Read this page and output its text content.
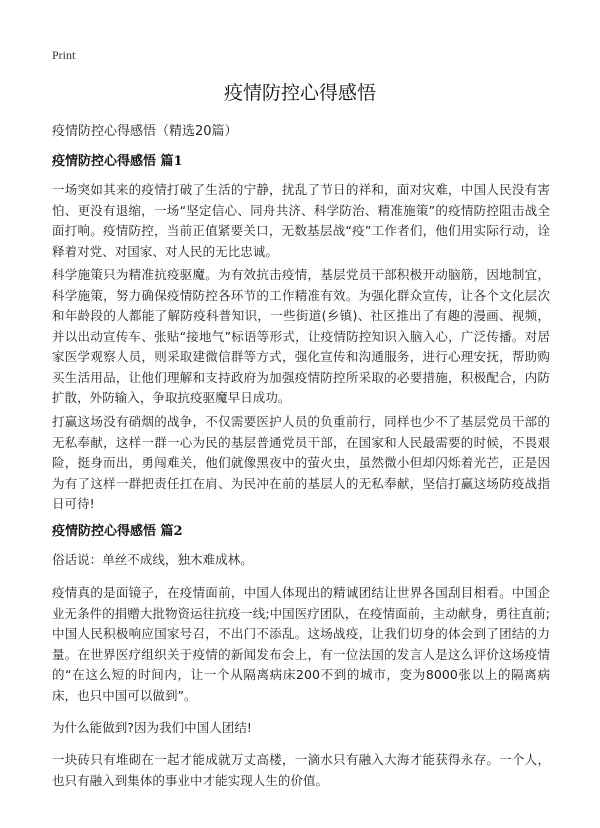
Print
疫情防控心得感悟

疫情防控心得感悟（精选20篇）

疫情防控心得感悟 篇1

一场突如其来的疫情打破了生活的宁静，扰乱了节日的祥和，面对灾难，中国人民没有害怕、更没有退缩，一场“坚定信心、同舟共济、科学防治、精准施策”的疫情防控阻击战全面打响。疫情防控，当前正值紧要关口，无数基层战“疫”工作者们，他们用实际行动，诠释着对党、对国家、对人民的无比忠诚。

科学施策只为精准抗疫驱魔。为有效抗击疫情，基层党员干部积极开动脑筋，因地制宜，科学施策，努力确保疫情防控各环节的工作精准有效。为强化群众宣传，让各个文化层次和年龄段的人都能了解防疫科普知识，一些街道(乡镇)、社区推出了有趣的漫画、视频，并以出动宣传车、张贴“接地气”标语等形式，让疫情防控知识入脑入心，广泛传播。对居家医学观察人员，则采取建微信群等方式，强化宣传和沟通服务，进行心理安抚，帮助购买生活用品，让他们理解和支持政府为加强疫情防控所采取的必要措施，积极配合，内防扩散，外防输入，争取抗疫驱魔早日成功。

打赢这场没有硝烟的战争，不仅需要医护人员的负重前行，同样也少不了基层党员干部的无私奉献，这样一群一心为民的基层普通党员干部，在国家和人民最需要的时候，不畏艰险，挺身而出，勇闯难关，他们就像黑夜中的萤火虫，虽然微小但却闪烁着光芒，正是因为有了这样一群把责任扛在肩、为民冲在前的基层人的无私奉献，坚信打赢这场防疫战指日可待!

疫情防控心得感悟 篇2

俗话说：单丝不成线，独木难成林。

疫情真的是面镜子，在疫情面前，中国人体现出的精诚团结让世界各国刮目相看。中国企业无条件的捐赠大批物资运往抗疫一线;中国医疗团队，在疫情面前，主动献身，勇往直前;中国人民积极响应国家号召，不出门不添乱。这场战疫，让我们切身的体会到了团结的力量。在世界医疗组织关于疫情的新闻发布会上，有一位法国的发言人是这么评价这场疫情的“在这么短的时间内，让一个从隔离病床200不到的城市，变为8000张以上的隔离病床，也只中国可以做到”。

为什么能做到?因为我们中国人团结!

一块砖只有堆砌在一起才能成就万丈高楼，一滴水只有融入大海才能获得永存。一个人，也只有融入到集体的事业中才能实现人生的价值。
